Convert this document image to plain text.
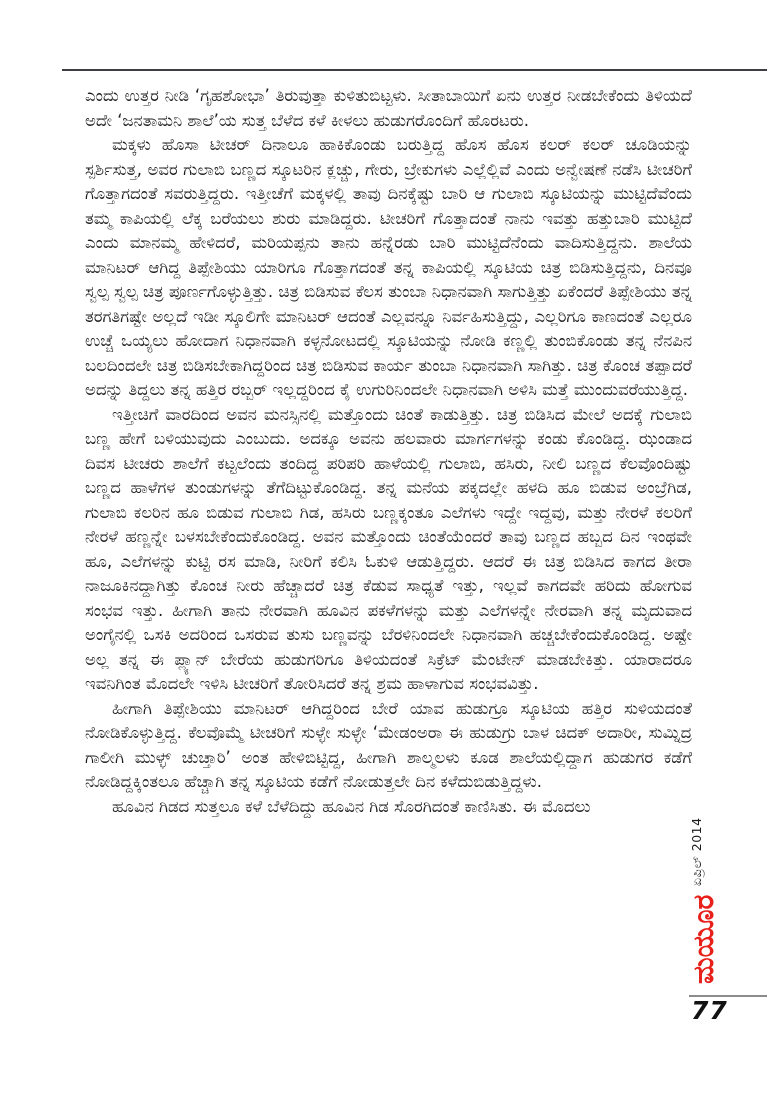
ಎಂದು ಉತ್ತರ ನೀಡಿ ‘ಗೃಹಶೋಭಾ’ ತಿರುವುತ್ತಾ ಕುಳಿತುಬಿಟ್ಟಳು. ಸೀತಾಬಾಯಿಗೆ ಏನು ಉತ್ತರ ನೀಡಬೇಕೆಂದು ತಿಳಿಯದೆ ಅದೇ ‘ಜನತಾಮನಿ ಶಾಲೆ’ಯ ಸುತ್ತ ಬೆಳೆದ ಕಳೆ ಕೀಳಲು ಹುಡುಗರೊಂದಿಗೆ ಹೊರಟರು.

ಮಕ್ಕಳು ಹೊಸಾ ಟೀಚರ್ ದಿನಾಲೂ ಹಾಕಿಕೊಂಡು ಬರುತ್ತಿದ್ದ ಹೊಸ ಹೊಸ ಕಲರ್ ಕಲರ್ ಚೂಡಿಯನ್ನು ಸ್ಪರ್ಶಿಸುತ್ತ, ಅವರ ಗುಲಾಬಿ ಬಣ್ಣದ ಸ್ಕೂಟರಿನ ಕ್ಲಚ್ಚು, ಗೇರು, ಬ್ರೇಕುಗಳು ಎಲ್ಲೆಲ್ಲಿವೆ ಎಂದು ಅನ್ವೇಷಣೆ ನಡೆಸಿ ಟೀಚರಿಗೆ ಗೊತ್ತಾಗದಂತೆ ಸವರುತ್ತಿದ್ದರು. ಇತ್ತೀಚೆಗೆ ಮಕ್ಕಳಲ್ಲಿ ತಾವು ದಿನಕ್ಕೆಷ್ಟು ಬಾರಿ ಆ ಗುಲಾಬಿ ಸ್ಕೂಟಿಯನ್ನು ಮುಟ್ಟಿದೆವೆಂದು ತಮ್ಮ ಕಾಪಿಯಲ್ಲಿ ಲೆಕ್ಕ ಬರೆಯಲು ಶುರು ಮಾಡಿದ್ದರು. ಟೀಚರಿಗೆ ಗೊತ್ತಾದಂತೆ ನಾನು ಇವತ್ತು ಹತ್ತುಬಾರಿ ಮುಟ್ಟಿದೆ ಎಂದು ಮಾನಮ್ಮ ಹೇಳಿದರೆ, ಮರಿಯಪ್ಪನು ತಾನು ಹನ್ನೆರಡು ಬಾರಿ ಮುಟ್ಟಿದೆನೆಂದು ವಾದಿಸುತ್ತಿದ್ದನು. ಶಾಲೆಯ ಮಾನಿಟರ್ ಆಗಿದ್ದ ತಿಪ್ಪೇಶಿಯು ಯಾರಿಗೂ ಗೊತ್ತಾಗದಂತೆ ತನ್ನ ಕಾಪಿಯಲ್ಲಿ ಸ್ಕೂಟಿಯ ಚಿತ್ರ ಬಿಡಿಸುತ್ತಿದ್ದನು, ದಿನವೂ ಸ್ವಲ್ಪ ಸ್ವಲ್ಪ ಚಿತ್ರ ಪೂರ್ಣಗೊಳ್ಳುತ್ತಿತ್ತು. ಚಿತ್ರ ಬಿಡಿಸುವ ಕೆಲಸ ತುಂಬಾ ನಿಧಾನವಾಗಿ ಸಾಗುತ್ತಿತ್ತು ಏಕೆಂದರೆ ತಿಪ್ಪೇಶಿಯು ತನ್ನ ತರಗತಿಗಷ್ಟೇ ಅಲ್ಲದೆ ಇಡೀ ಸ್ಕೂಲಿಗೇ ಮಾನಿಟರ್ ಆದಂತೆ ಎಲ್ಲವನ್ನೂ ನಿರ್ವಹಿಸುತ್ತಿದ್ದು, ಎಲ್ಲರಿಗೂ ಕಾಣದಂತೆ ಎಲ್ಲರೂ ಉಚ್ಚೆ ಒಯ್ಯಲು ಹೋದಾಗ ನಿಧಾನವಾಗಿ ಕಳ್ಳನೋಟದಲ್ಲಿ ಸ್ಕೂಟಿಯನ್ನು ನೋಡಿ ಕಣ್ಣಲ್ಲಿ ತುಂಬಿಕೊಂಡು ತನ್ನ ನೆನಪಿನ ಬಲದಿಂದಲೇ ಚಿತ್ರ ಬಿಡಿಸಬೇಕಾಗಿದ್ದರಿಂದ ಚಿತ್ರ ಬಿಡಿಸುವ ಕಾರ್ಯ ತುಂಬಾ ನಿಧಾನವಾಗಿ ಸಾಗಿತ್ತು. ಚಿತ್ರ ಕೊಂಚ ತಪ್ಪಾದರೆ ಅದನ್ನು ತಿದ್ದಲು ತನ್ನ ಹತ್ತಿರ ರಬ್ಬರ್ ಇಲ್ಲದ್ದರಿಂದ ಕೈ ಉಗುರಿನಿಂದಲೇ ನಿಧಾನವಾಗಿ ಅಳಿಸಿ ಮತ್ತೆ ಮುಂದುವರೆಯುತ್ತಿದ್ದ.

ಇತ್ತೀಚಿಗೆ ವಾರದಿಂದ ಅವನ ಮನಸ್ಸಿನಲ್ಲಿ ಮತ್ತೊಂದು ಚಿಂತೆ ಕಾಡುತ್ತಿತ್ತು. ಚಿತ್ರ ಬಿಡಿಸಿದ ಮೇಲೆ ಅದಕ್ಕೆ ಗುಲಾಬಿ ಬಣ್ಣ ಹೇಗೆ ಬಳಿಯುವುದು ಎಂಬುದು. ಅದಕ್ಕೂ ಅವನು ಹಲವಾರು ಮಾರ್ಗಗಳನ್ನು ಕಂಡು ಕೊಂಡಿದ್ದ. ಝಂಡಾದ ದಿವಸ ಟೀಚರು ಶಾಲೆಗೆ ಕಟ್ಟಲೆಂದು ತಂದಿದ್ದ ಪರಿಪರಿ ಹಾಳೆಯಲ್ಲಿ ಗುಲಾಬಿ, ಹಸಿರು, ನೀಲಿ ಬಣ್ಣದ ಕೆಲವೊಂದಿಷ್ಟು ಬಣ್ಣದ ಹಾಳೆಗಳ ತುಂಡುಗಳನ್ನು ತೆಗೆದಿಟ್ಟುಕೊಂಡಿದ್ದ. ತನ್ನ ಮನೆಯ ಪಕ್ಕದಲ್ಲೇ ಹಳದಿ ಹೂ ಬಿಡುವ ಅಂಬ್ರೆಗಿಡ, ಗುಲಾಬಿ ಕಲರಿನ ಹೂ ಬಿಡುವ ಗುಲಾಬಿ ಗಿಡ, ಹಸಿರು ಬಣ್ಣಕ್ಕಂತೂ ಎಲೆಗಳು ಇದ್ದೇ ಇದ್ದವು, ಮತ್ತು ನೇರಳೆ ಕಲರಿಗೆ ನೇರಳೆ ಹಣ್ಣನ್ನೇ ಬಳಸಬೇಕೆಂದುಕೊಂಡಿದ್ದ. ಅವನ ಮತ್ತೊಂದು ಚಿಂತೆಯೆಂದರೆ ತಾವು ಬಣ್ಣದ ಹಬ್ಬದ ದಿನ ಇಂಥವೇ ಹೂ, ಎಲೆಗಳನ್ನು ಕುಟ್ಟಿ ರಸ ಮಾಡಿ, ನೀರಿಗೆ ಕಲಿಸಿ ಓಕುಳಿ ಆಡುತ್ತಿದ್ದರು. ಆದರೆ ಈ ಚಿತ್ರ ಬಿಡಿಸಿದ ಕಾಗದ ತೀರಾ ನಾಜೂಕಿನದ್ದಾಗಿತ್ತು ಕೊಂಚ ನೀರು ಹೆಚ್ಚಾದರೆ ಚಿತ್ರ ಕೆಡುವ ಸಾಧ್ಯತೆ ಇತ್ತು, ಇಲ್ಲವೆ ಕಾಗದವೇ ಹರಿದು ಹೋಗುವ ಸಂಭವ ಇತ್ತು. ಹೀಗಾಗಿ ತಾನು ನೇರವಾಗಿ ಹೂವಿನ ಪಕಳೆಗಳನ್ನು ಮತ್ತು ಎಲೆಗಳನ್ನೇ ನೇರವಾಗಿ ತನ್ನ ಮೃದುವಾದ ಅಂಗೈನಲ್ಲಿ ಒಸಕಿ ಅದರಿಂದ ಒಸರುವ ತುಸು ಬಣ್ಣವನ್ನು ಬೆರಳಿನಿಂದಲೇ ನಿಧಾನವಾಗಿ ಹಚ್ಚಬೇಕೆಂದುಕೊಂಡಿದ್ದ. ಅಷ್ಟೇ ಅಲ್ಲ ತನ್ನ ಈ ಪ್ಲ್ಯಾನ್ ಬೇರೆಯ ಹುಡುಗರಿಗೂ ತಿಳಿಯದಂತೆ ಸಿಕ್ರೆಟ್ ಮೆಂಟೇನ್ ಮಾಡಬೇಕಿತ್ತು. ಯಾರಾದರೂ ಇವನಿಗಿಂತ ಮೊದಲೇ ಇಳಿಸಿ ಟೀಚರಿಗೆ ತೋರಿಸಿದರೆ ತನ್ನ ಶ್ರಮ ಹಾಳಾಗುವ ಸಂಭವವಿತ್ತು.

ಹೀಗಾಗಿ ತಿಪ್ಪೇಶಿಯು ಮಾನಿಟರ್ ಆಗಿದ್ದರಿಂದ ಬೇರೆ ಯಾವ ಹುಡುಗ್ರೂ ಸ್ಕೂಟಿಯ ಹತ್ತಿರ ಸುಳಿಯದಂತೆ ನೋಡಿಕೊಳ್ಳುತ್ತಿದ್ದ. ಕೆಲವೊಮ್ಮೆ ಟೀಚರಿಗೆ ಸುಳ್ಳೇ ಸುಳ್ಳೇ ‘ಮೇಡಂಅರಾ ಈ ಹುಡುಗ್ರು ಬಾಳ ಚಿದಕ್ ಅದಾರೀ, ಸುಮ್ನಿದ್ರ ಗಾಲೀಗಿ ಮುಳ್ಳ್ ಚುಚ್ತಾರಿ’ ಅಂತ ಹೇಳಿಬಿಟ್ಟಿದ್ದ, ಹೀಗಾಗಿ ಶಾಲ್ಮಲಳು ಕೂಡ ಶಾಲೆಯಲ್ಲಿದ್ದಾಗ ಹುಡುಗರ ಕಡೆಗೆ ನೋಡಿದ್ದಕ್ಕಿಂತಲೂ ಹೆಚ್ಚಾಗಿ ತನ್ನ ಸ್ಕೂಟಿಯ ಕಡೆಗೆ ನೋಡುತ್ತಲೇ ದಿನ ಕಳೆದುಬಿಡುತ್ತಿದ್ದಳು.

ಹೂವಿನ ಗಿಡದ ಸುತ್ತಲೂ ಕಳೆ ಬೆಳೆದಿದ್ದು ಹೂವಿನ ಗಿಡ ಸೊರಗಿದಂತೆ ಕಾಣಿಸಿತು. ಈ ಮೊದಲು

ಏಪ್ರಿಲ್ 2014
ಮಯೂರ
77
